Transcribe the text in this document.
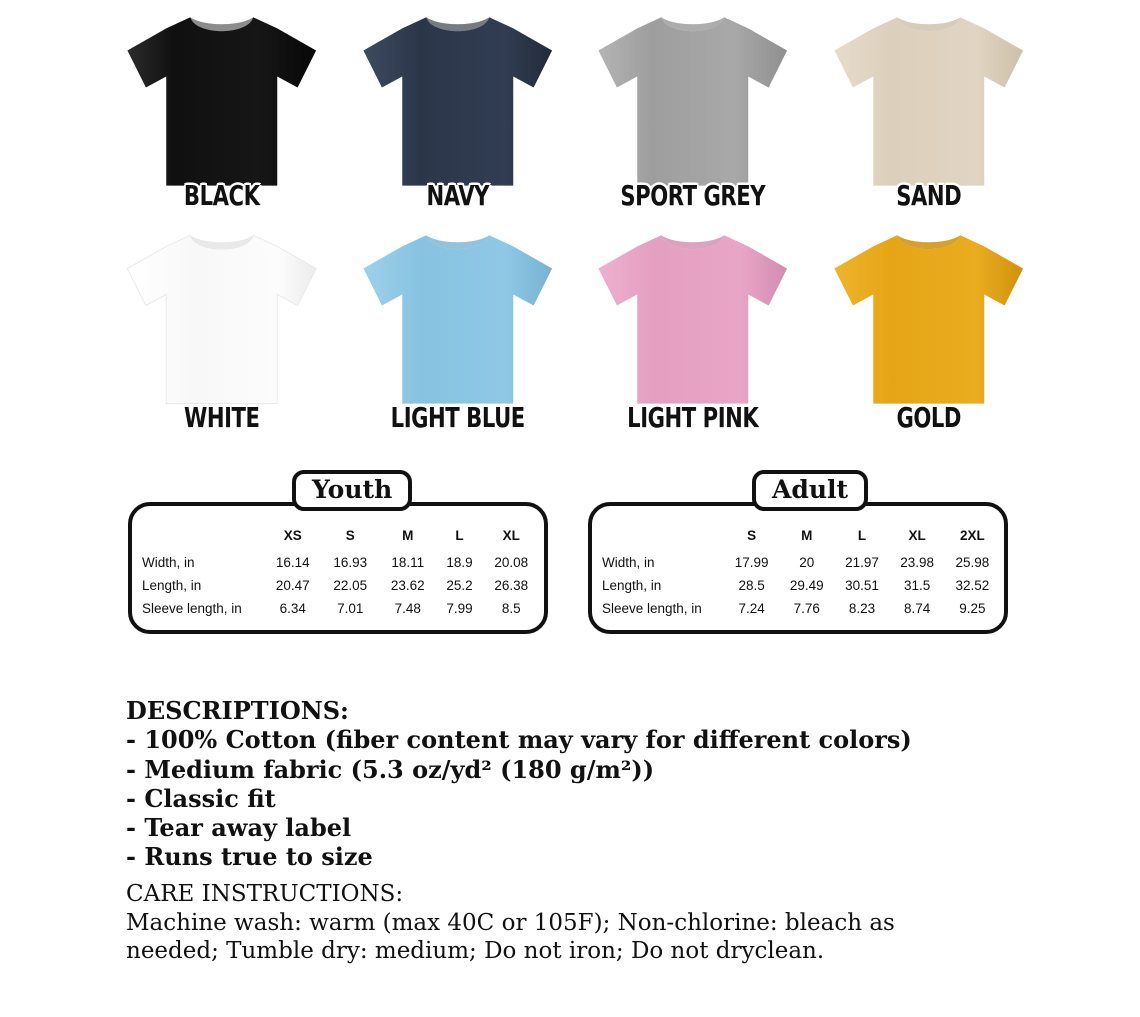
BLACK	NAVY	SPORT GREY	SAND
WHITE	LIGHT BLUE	LIGHT PINK	GOLD
Youth
	XS	S	M	L	XL
Width, in	16.14	16.93	18.11	18.9	20.08
Length, in	20.47	22.05	23.62	25.2	26.38
Sleeve length, in	6.34	7.01	7.48	7.99	8.5
Adult
	S	M	L	XL	2XL
Width, in	17.99	20	21.97	23.98	25.98
Length, in	28.5	29.49	30.51	31.5	32.52
Sleeve length, in	7.24	7.76	8.23	8.74	9.25
DESCRIPTIONS:
- 100% Cotton (fiber content may vary for different colors)
- Medium fabric (5.3 oz/yd² (180 g/m²))
- Classic fit
- Tear away label
- Runs true to size
CARE INSTRUCTIONS:
Machine wash: warm (max 40C or 105F); Non-chlorine: bleach as
needed; Tumble dry: medium; Do not iron; Do not dryclean.
